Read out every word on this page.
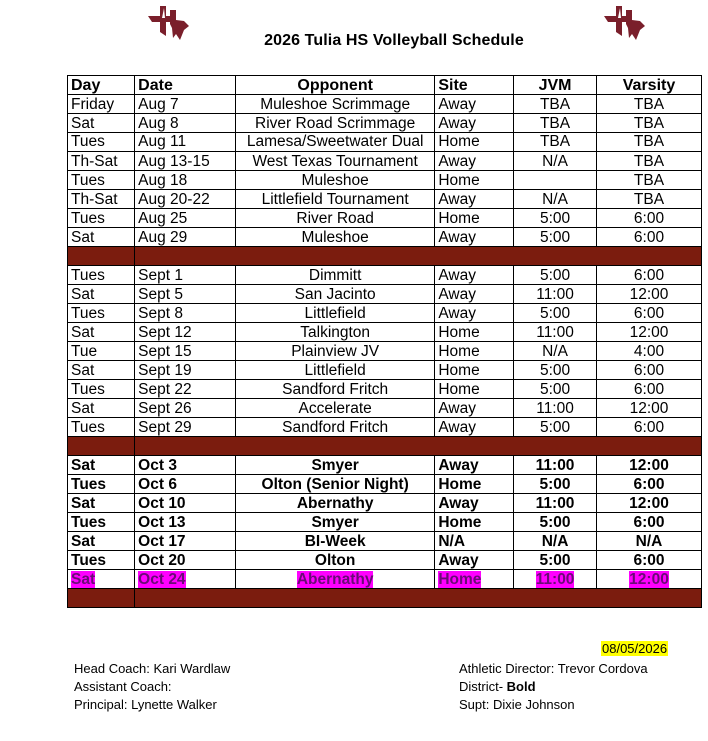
2026 Tulia HS Volleyball Schedule
Day	Date	Opponent	Site	JVM	Varsity
Friday	Aug 7	Muleshoe Scrimmage	Away	TBA	TBA
Sat	Aug 8	River Road Scrimmage	Away	TBA	TBA
Tues	Aug 11	Lamesa/Sweetwater Dual	Home	TBA	TBA
Th-Sat	Aug 13-15	West Texas Tournament	Away	N/A	TBA
Tues	Aug 18	Muleshoe	Home		TBA
Th-Sat	Aug 20-22	Littlefield Tournament	Away	N/A	TBA
Tues	Aug 25	River Road	Home	5:00	6:00
Sat	Aug 29	Muleshoe	Away	5:00	6:00

Tues	Sept 1	Dimmitt	Away	5:00	6:00
Sat	Sept 5	San Jacinto	Away	11:00	12:00
Tues	Sept 8	Littlefield	Away	5:00	6:00
Sat	Sept 12	Talkington	Home	11:00	12:00
Tue	Sept 15	Plainview JV	Home	N/A	4:00
Sat	Sept 19	Littlefield	Home	5:00	6:00
Tues	Sept 22	Sandford Fritch	Home	5:00	6:00
Sat	Sept 26	Accelerate	Away	11:00	12:00
Tues	Sept 29	Sandford Fritch	Away	5:00	6:00

Sat	Oct 3	Smyer	Away	11:00	12:00
Tues	Oct 6	Olton (Senior Night)	Home	5:00	6:00
Sat	Oct 10	Abernathy	Away	11:00	12:00
Tues	Oct 13	Smyer	Home	5:00	6:00
Sat	Oct 17	BI-Week	N/A	N/A	N/A
Tues	Oct 20	Olton	Away	5:00	6:00
Sat	Oct 24	Abernathy	Home	11:00	12:00

08/05/2026
Head Coach: Kari Wardlaw
Assistant Coach:
Principal: Lynette Walker
Athletic Director: Trevor Cordova
District- Bold
Supt: Dixie Johnson
